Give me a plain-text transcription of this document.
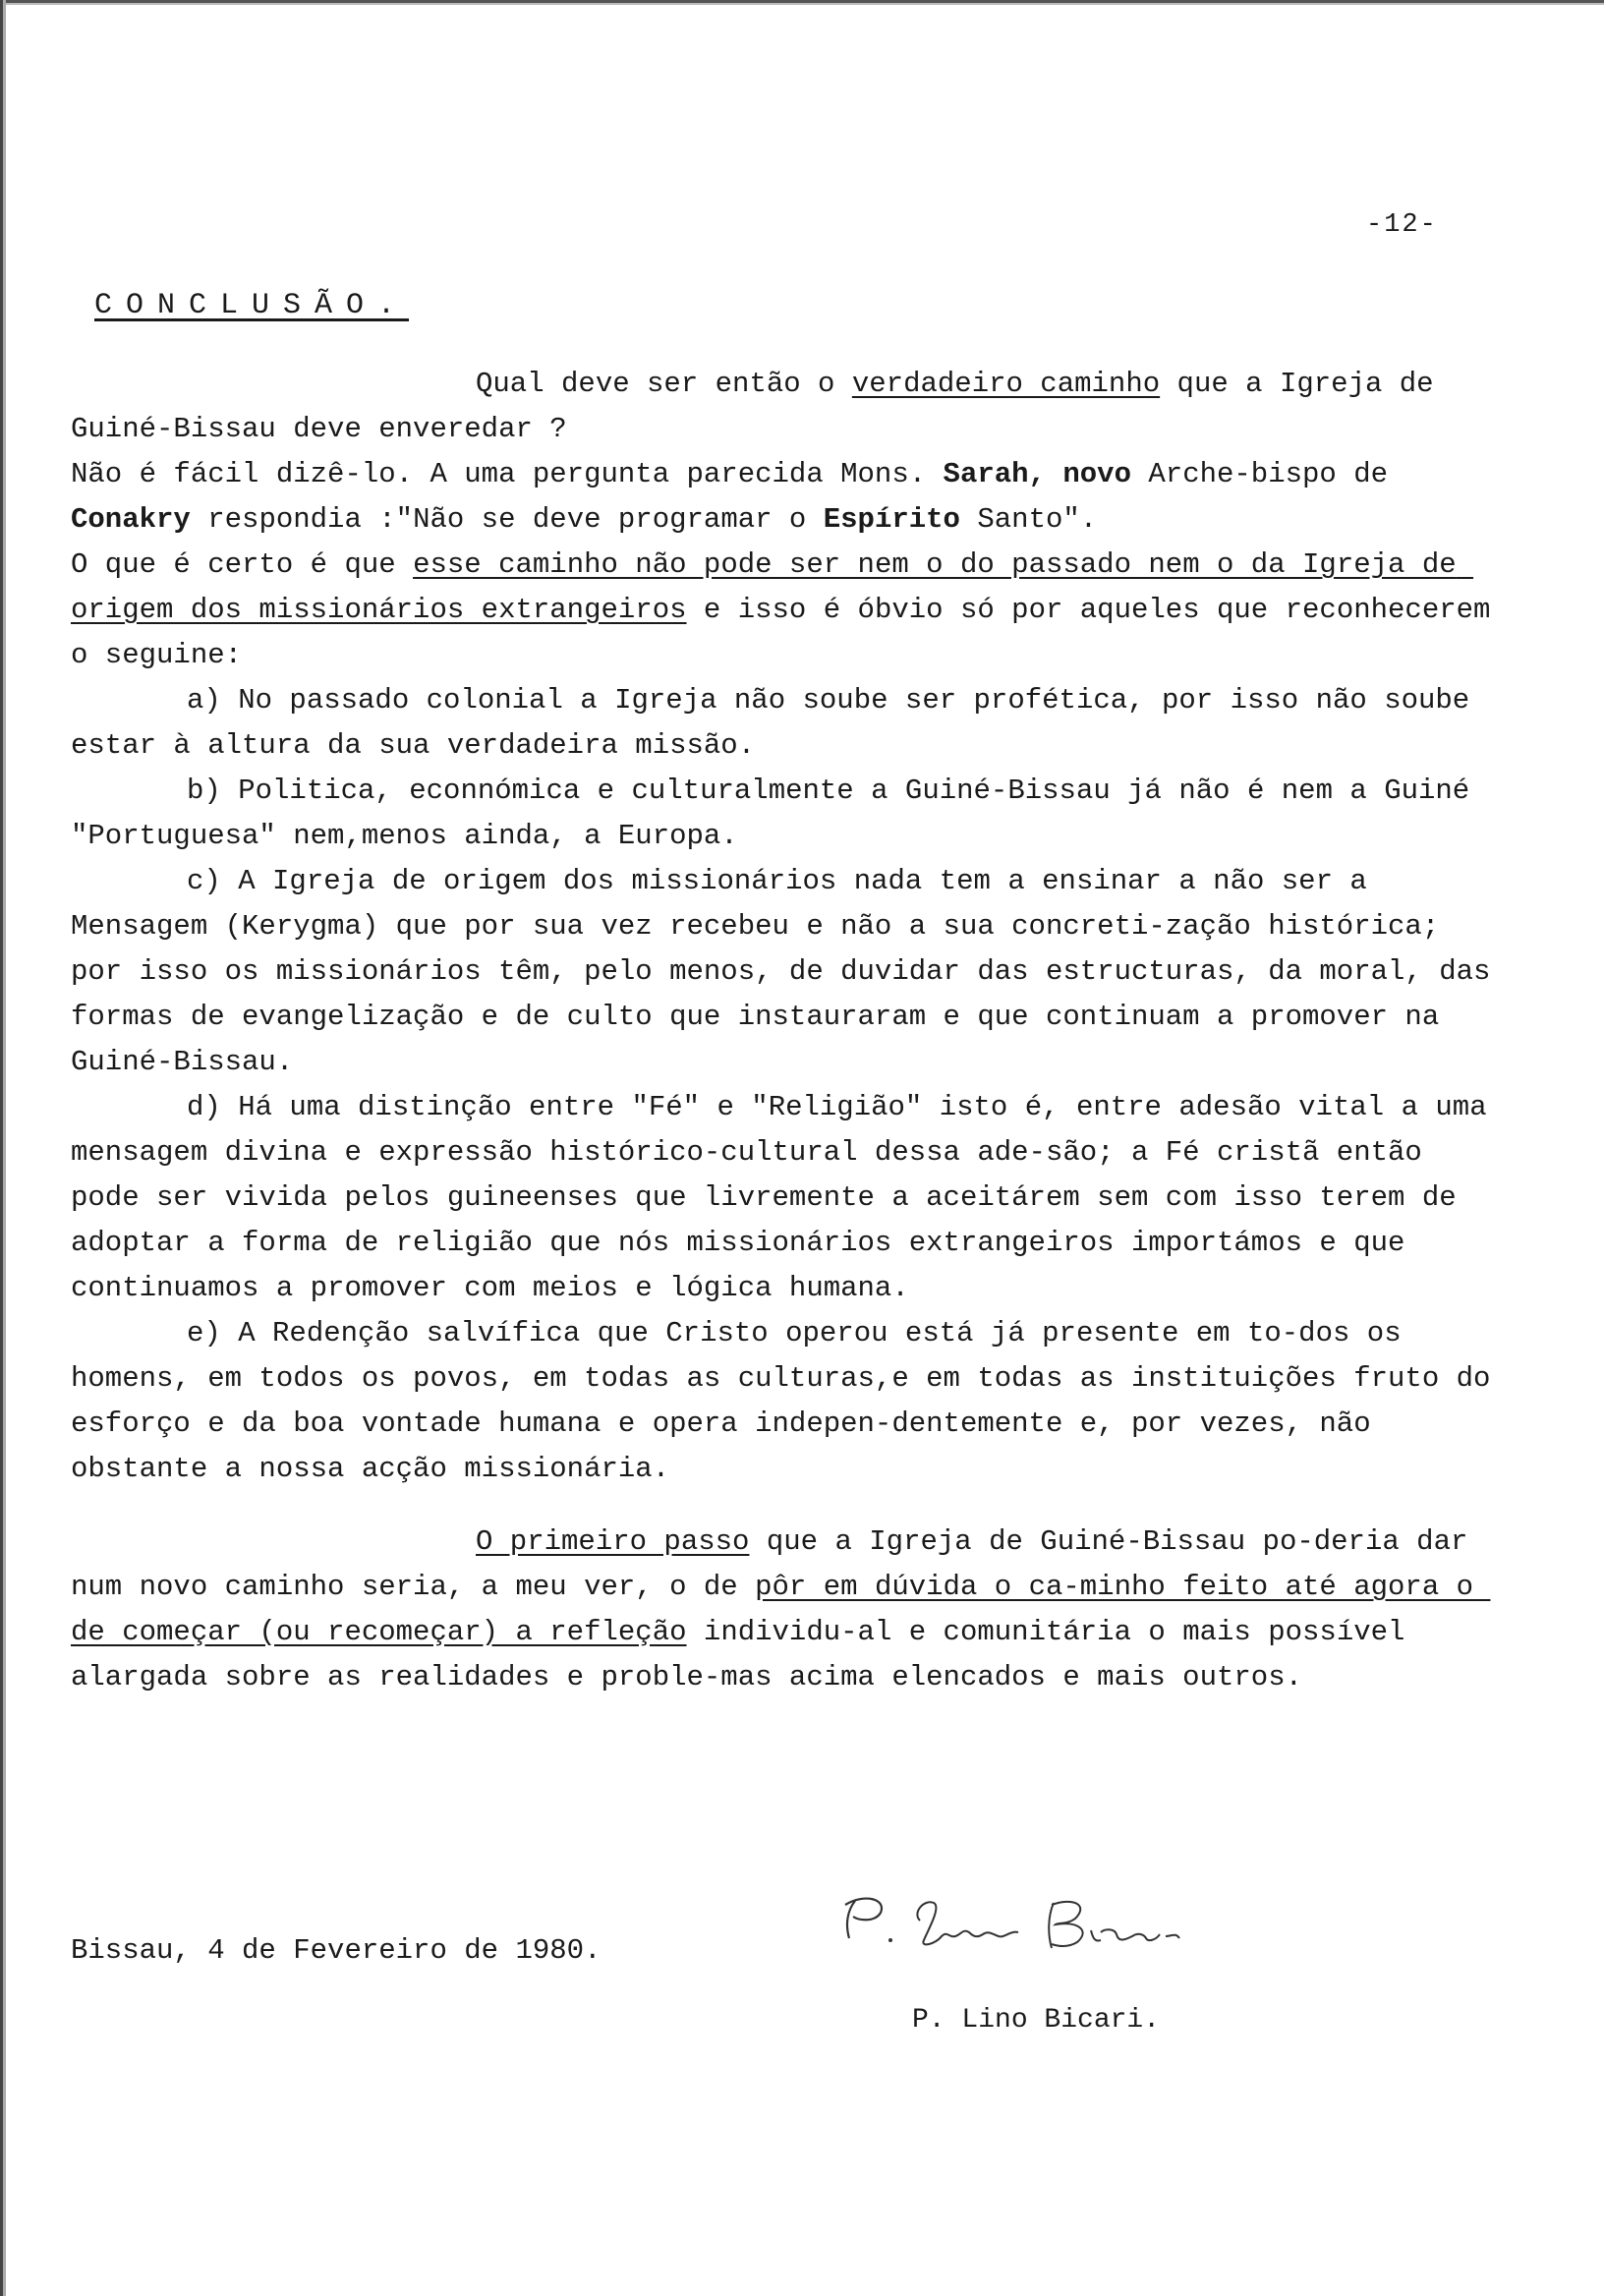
-12-
CONCLUSÃO.

Qual deve ser então o verdadeiro caminho que a Igreja de Guiné-Bissau deve enveredar ?

Não é fácil dizê-lo. A uma pergunta parecida Mons. Sarah, novo Arche-bispo de Conakry respondia :"Não se deve programar o Espírito Santo".
O que é certo é que esse caminho não pode ser nem o do passado nem o da Igreja de origem dos missionários extrangeiros e isso é óbvio só por aqueles que reconhecerem o seguine:

a) No passado colonial a Igreja não soube ser profética, por isso não soube estar à altura da sua verdadeira missão.

b) Politica, econnómica e culturalmente a Guiné-Bissau já não é nem a Guiné "Portuguesa" nem,menos ainda, a Europa.

c) A Igreja de origem dos missionários nada tem a ensinar a não ser a Mensagem (Kerygma) que por sua vez recebeu e não a sua concreti-zação histórica; por isso os missionários têm, pelo menos, de duvidar das estructuras, da moral, das formas de evangelização e de culto que instauraram e que continuam a promover na Guiné-Bissau.

d) Há uma distinção entre "Fé" e "Religião" isto é, entre adesão vital a uma mensagem divina e expressão histórico-cultural dessa ade-são; a Fé cristã então pode ser vivida pelos guineenses que livremente a aceitárem sem com isso terem de adoptar a forma de religião que nós missionários extrangeiros importámos e que continuamos a promover com meios e lógica humana.

e) A Redenção salvífica que Cristo operou está já presente em to-dos os homens, em todos os povos, em todas as culturas,e em todas as instituições fruto do esforço e da boa vontade humana e opera indepen-dentemente e, por vezes, não obstante a nossa acção missionária.

O primeiro passo que a Igreja de Guiné-Bissau po-deria dar num novo caminho seria, a meu ver, o de pôr em dúvida o ca-minho feito até agora o de começar (ou recomeçar) a refleção individu-al e comunitária o mais possível alargada sobre as realidades e proble-mas acima elencados e mais outros.

Bissau, 4 de Fevereiro de 1980.
P. Lino Bicari.
